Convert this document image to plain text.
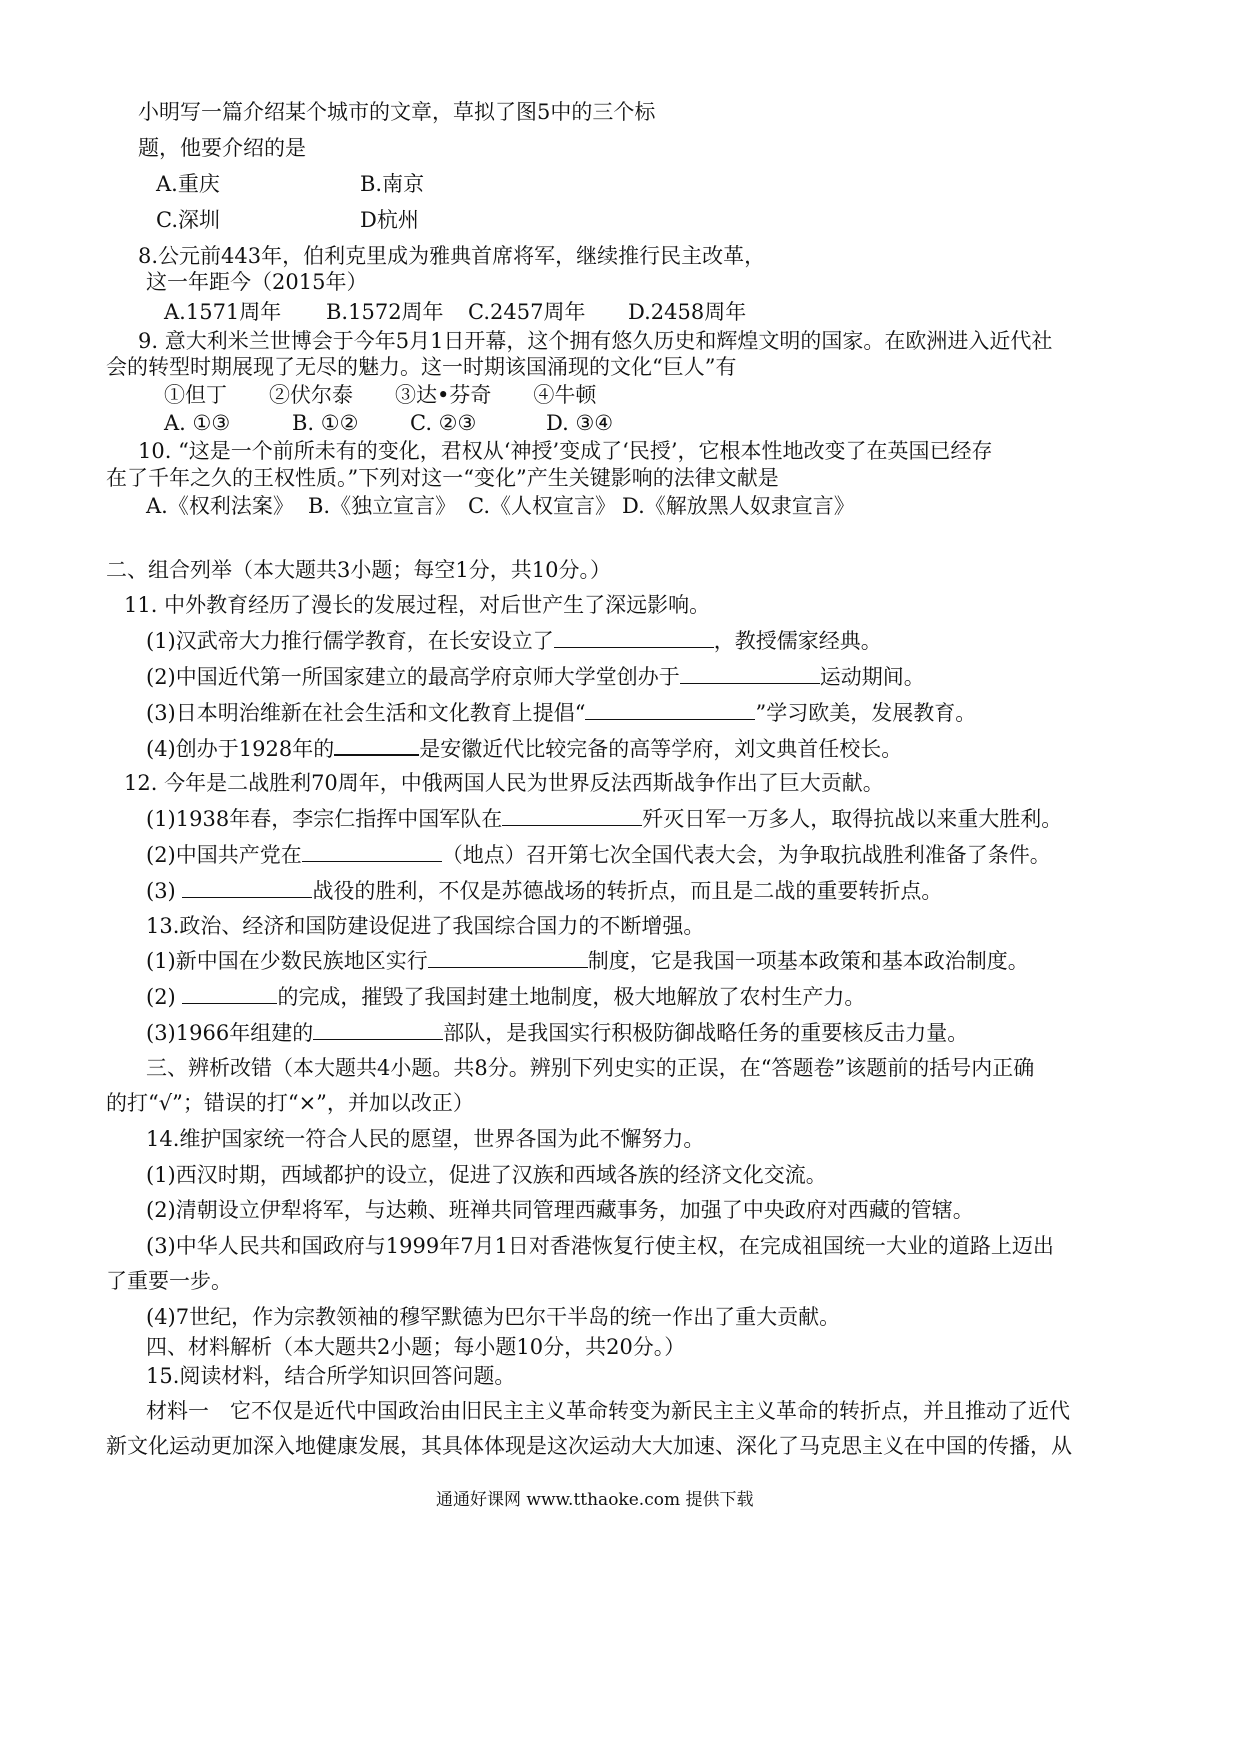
小明写一篇介绍某个城市的文章，草拟了图5中的三个标
题，他要介绍的是
A.重庆	B.南京
C.深圳	D杭州
8.公元前443年，伯利克里成为雅典首席将军，继续推行民主改革，
这一年距今（2015年）
A.1571周年 B.1572周年 C.2457周年 D.2458周年
9. 意大利米兰世博会于今年5月1日开幕，这个拥有悠久历史和辉煌文明的国家。在欧洲进入近代社
会的转型时期展现了无尽的魅力。这一时期该国涌现的文化“巨人”有
①但丁　　②伏尔泰　　③达•芬奇　　④牛顿
A. ①③	B. ①② C. ②③	D. ③④
10. “这是一个前所未有的变化，君权从‘神授’变成了‘民授’，它根本性地改变了在英国已经存
在了千年之久的王权性质。”下列对这一“变化”产生关键影响的法律文献是
A.《权利法案》 B.《独立宣言》 C.《人权宣言》 D.《解放黑人奴隶宣言》
二、组合列举（本大题共3小题；每空1分，共10分。）
11. 中外教育经历了漫长的发展过程，对后世产生了深远影响。
(1)汉武帝大力推行儒学教育，在长安设立了	，教授儒家经典。
(2)中国近代第一所国家建立的最高学府京师大学堂创办于	运动期间。
(3)日本明治维新在社会生活和文化教育上提倡“	”学习欧美，发展教育。
(4)创办于1928年的	是安徽近代比较完备的高等学府，刘文典首任校长。
12. 今年是二战胜利70周年，中俄两国人民为世界反法西斯战争作出了巨大贡献。
(1)1938年春，李宗仁指挥中国军队在	歼灭日军一万多人，取得抗战以来重大胜利。
(2)中国共产党在	（地点）召开第七次全国代表大会，为争取抗战胜利准备了条件。
(3)	战役的胜利，不仅是苏德战场的转折点，而且是二战的重要转折点。
13.政治、经济和国防建设促进了我国综合国力的不断增强。
(1)新中国在少数民族地区实行	制度，它是我国一项基本政策和基本政治制度。
(2)	的完成，摧毁了我国封建土地制度，极大地解放了农村生产力。
(3)1966年组建的	部队，是我国实行积极防御战略任务的重要核反击力量。
三、辨析改错（本大题共4小题。共8分。辨别下列史实的正误，在“答题卷”该题前的括号内正确
的打“√”；错误的打“×”，并加以改正）
14.维护国家统一符合人民的愿望，世界各国为此不懈努力。
(1)西汉时期，西域都护的设立，促进了汉族和西域各族的经济文化交流。
(2)清朝设立伊犁将军，与达赖、班禅共同管理西藏事务，加强了中央政府对西藏的管辖。
(3)中华人民共和国政府与1999年7月1日对香港恢复行使主权，在完成祖国统一大业的道路上迈出
了重要一步。
(4)7世纪，作为宗教领袖的穆罕默德为巴尔干半岛的统一作出了重大贡献。
四、材料解析（本大题共2小题；每小题10分，共20分。）
15.阅读材料，结合所学知识回答问题。
材料一　它不仅是近代中国政治由旧民主主义革命转变为新民主主义革命的转折点，并且推动了近代
新文化运动更加深入地健康发展，其具体体现是这次运动大大加速、深化了马克思主义在中国的传播，从
通通好课网 www.tthaoke.com 提供下载
